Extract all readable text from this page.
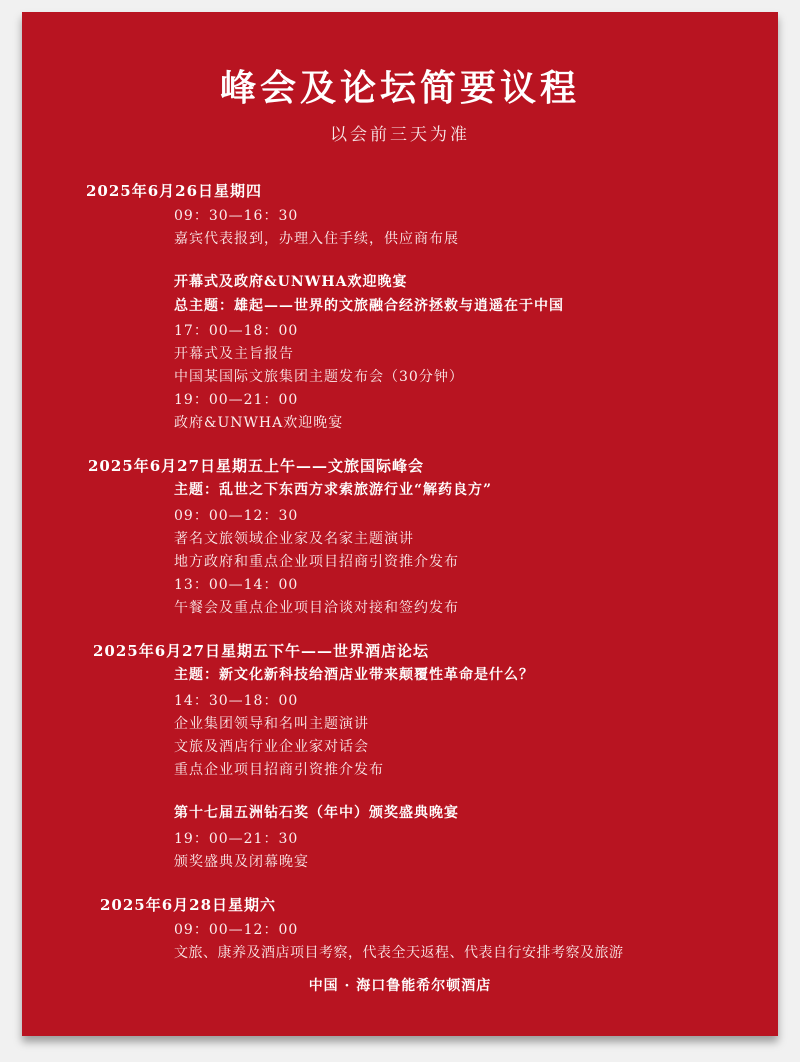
峰会及论坛简要议程
以会前三天为准
2025年6月26日星期四
09：30—16：30
嘉宾代表报到，办理入住手续，供应商布展
开幕式及政府&UNWHA欢迎晚宴
总主题：雄起——世界的文旅融合经济拯救与逍遥在于中国
17：00—18：00
开幕式及主旨报告
中国某国际文旅集团主题发布会（30分钟）
19：00—21：00
政府&UNWHA欢迎晚宴
2025年6月27日星期五上午——文旅国际峰会
主题：乱世之下东西方求索旅游行业“解药良方”
09：00—12：30
著名文旅领域企业家及名家主题演讲
地方政府和重点企业项目招商引资推介发布
13：00—14：00
午餐会及重点企业项目洽谈对接和签约发布
2025年6月27日星期五下午——世界酒店论坛
主题：新文化新科技给酒店业带来颠覆性革命是什么？
14：30—18：00
企业集团领导和名叫主题演讲
文旅及酒店行业企业家对话会
重点企业项目招商引资推介发布
第十七届五洲钻石奖（年中）颁奖盛典晚宴
19：00—21：30
颁奖盛典及闭幕晚宴
2025年6月28日星期六
09：00—12：00
文旅、康养及酒店项目考察，代表全天返程、代表自行安排考察及旅游
中国 · 海口鲁能希尔顿酒店
